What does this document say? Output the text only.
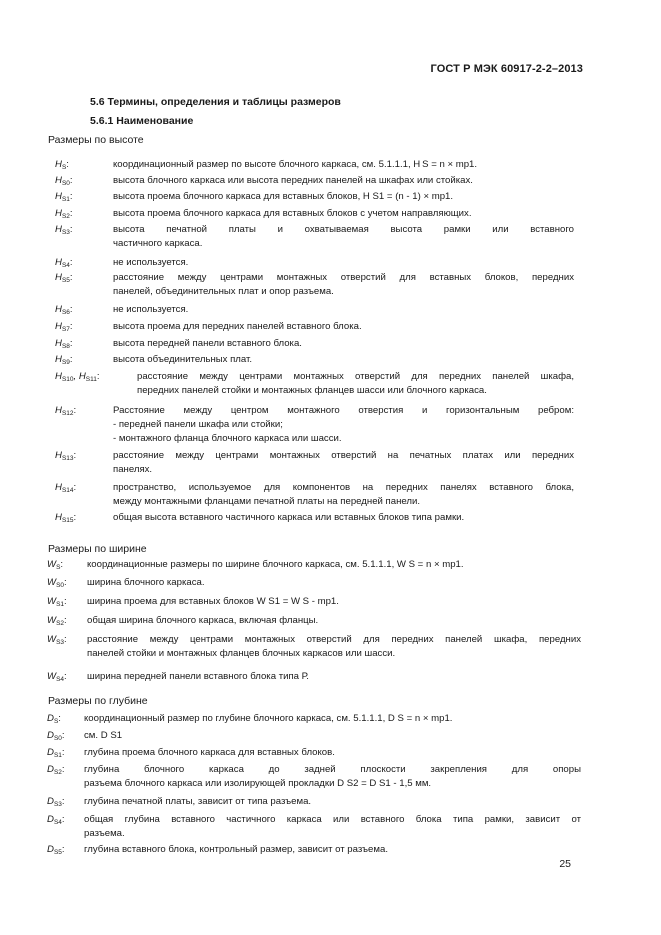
ГОСТ Р МЭК 60917-2-2–2013
5.6 Термины, определения и таблицы размеров
5.6.1 Наименование
Размеры по высоте
$H_S$:	координационный размер по высоте блочного каркаса, см. 5.1.1.1, H S = n × mp1.
$H_{S0}$:	высота блочного каркаса или высота передних панелей на шкафах или стойках.
$H_{S1}$:	высота проема блочного каркаса для вставных блоков, H S1 = (n - 1) × mp1.
$H_{S2}$:	высота проема блочного каркаса для вставных блоков с учетом направляющих.
$H_{S3}$:	высота печатной платы и охватываемая высота рамки или вставного
частичного каркаса.
$H_{S4}$:	не используется.
$H_{S5}$:	расстояние между центрами монтажных отверстий для вставных блоков, передних
панелей, объединительных плат и опор разъема.
$H_{S6}$:	не используется.
$H_{S7}$:	высота проема для передних панелей вставного блока.
$H_{S8}$:	высота передней панели вставного блока.
$H_{S9}$:	высота объединительных плат.
$H_{S10}$, $H_{S11}$:	расстояние между центрами монтажных отверстий для передних панелей шкафа,
передних панелей стойки и монтажных фланцев шасси или блочного каркаса.
$H_{S12}$:	Расстояние между центром монтажного отверстия и горизонтальным ребром:
- передней панели шкафа или стойки;
- монтажного фланца блочного каркаса или шасси.
$H_{S13}$:	расстояние между центрами монтажных отверстий на печатных платах или передних
панелях.
$H_{S14}$:	пространство, используемое для компонентов на передних панелях вставного блока,
между монтажными фланцами печатной платы на передней панели.
$H_{S15}$:	общая высота вставного частичного каркаса или вставных блоков типа рамки.
Размеры по ширине
$W_S$: координационные размеры по ширине блочного каркаса, см. 5.1.1.1, W S = n × mp1.
$W_{S0}$: ширина блочного каркаса.
$W_{S1}$: ширина проема для вставных блоков W S1 = W S - mp1.
$W_{S2}$: общая ширина блочного каркаса, включая фланцы.
$W_{S3}$: расстояние между центрами монтажных отверстий для передних панелей шкафа, передних
панелей стойки и монтажных фланцев блочных каркасов или шасси.
$W_{S4}$: ширина передней панели вставного блока типа Р.
Размеры по глубине
$D_S$: координационный размер по глубине блочного каркаса, см. 5.1.1.1, D S = n × mp1.
$D_{S0}$: см. D S1
$D_{S1}$: глубина проема блочного каркаса для вставных блоков.
$D_{S2}$: глубина блочного каркаса до задней плоскости закрепления для опоры
разъема блочного каркаса или изолирующей прокладки D S2 = D S1 - 1,5 мм.
$D_{S3}$: глубина печатной платы, зависит от типа разъема.
$D_{S4}$: общая глубина вставного частичного каркаса или вставного блока типа рамки, зависит от
разъема.
$D_{S5}$: глубина вставного блока, контрольный размер, зависит от разъема.
25
